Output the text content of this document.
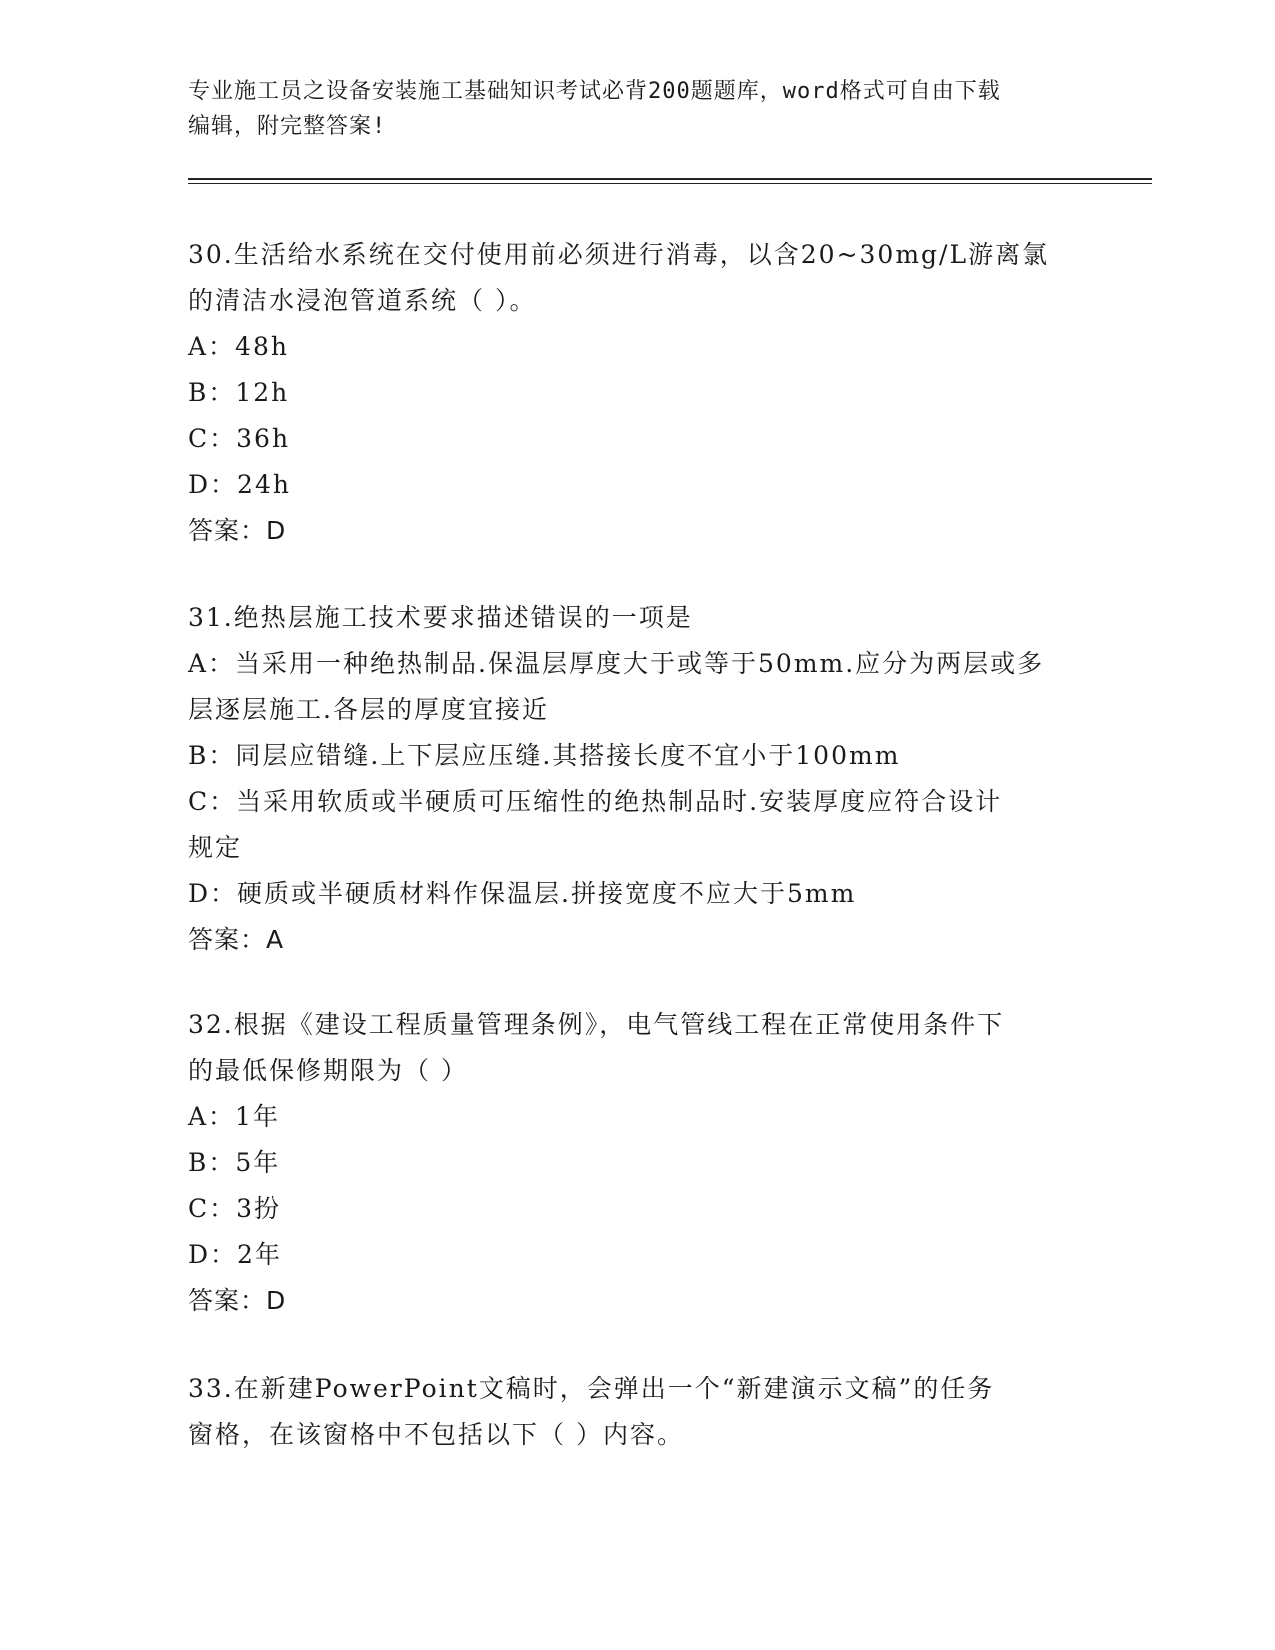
专业施工员之设备安装施工基础知识考试必背200题题库，word格式可自由下载
编辑，附完整答案!
30.生活给水系统在交付使用前必须进行消毒，以含20~30mg/L游离氯
的清洁水浸泡管道系统（ ）。
A：48h
B：12h
C：36h
D：24h
答案：D
31.绝热层施工技术要求描述错误的一项是
A：当采用一种绝热制品.保温层厚度大于或等于50mm.应分为两层或多
层逐层施工.各层的厚度宜接近
B：同层应错缝.上下层应压缝.其搭接长度不宜小于100mm
C：当采用软质或半硬质可压缩性的绝热制品时.安装厚度应符合设计
规定
D：硬质或半硬质材料作保温层.拼接宽度不应大于5mm
答案：A
32.根据《建设工程质量管理条例》，电气管线工程在正常使用条件下
的最低保修期限为（ ）
A：1年
B：5年
C：3扮
D：2年
答案：D
33.在新建PowerPoint文稿时，会弹出一个“新建演示文稿”的任务
窗格，在该窗格中不包括以下（ ）内容。
